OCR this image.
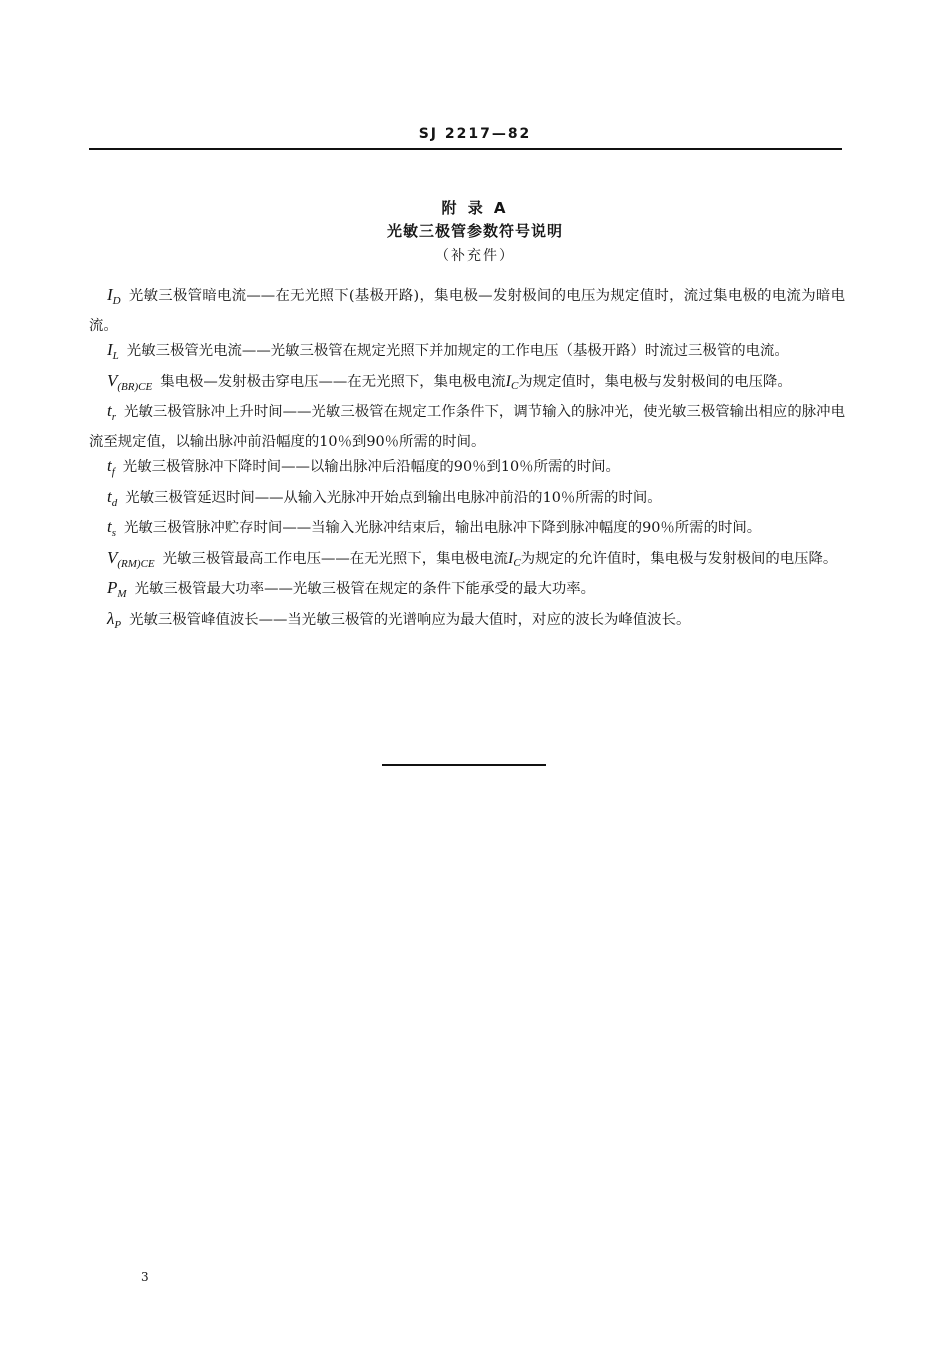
SJ 2217—82
附 录 A
光敏三极管参数符号说明
（补充件）

$I_D$ 光敏三极管暗电流——在无光照下(基极开路)，集电极—发射极间的电压为规定值时，流过集电极的电流为暗电流。

$I_L$ 光敏三极管光电流——光敏三极管在规定光照下并加规定的工作电压（基极开路）时流过三极管的电流。

$V_{(BR)CE}$ 集电极—发射极击穿电压——在无光照下，集电极电流$I_C$为规定值时，集电极与发射极间的电压降。

$t_r$ 光敏三极管脉冲上升时间——光敏三极管在规定工作条件下，调节输入的脉冲光，使光敏三极管输出相应的脉冲电流至规定值，以输出脉冲前沿幅度的10％到90％所需的时间。

$t_f$ 光敏三极管脉冲下降时间——以输出脉冲后沿幅度的90％到10％所需的时间。

$t_d$ 光敏三极管延迟时间——从输入光脉冲开始点到输出电脉冲前沿的10％所需的时间。

$t_s$ 光敏三极管脉冲贮存时间——当输入光脉冲结束后，输出电脉冲下降到脉冲幅度的90％所需的时间。

$V_{(RM)CE}$ 光敏三极管最高工作电压——在无光照下，集电极电流$I_C$为规定的允许值时，集电极与发射极间的电压降。

$P_M$ 光敏三极管最大功率——光敏三极管在规定的条件下能承受的最大功率。

$\lambda_P$ 光敏三极管峰值波长——当光敏三极管的光谱响应为最大值时，对应的波长为峰值波长。

3
